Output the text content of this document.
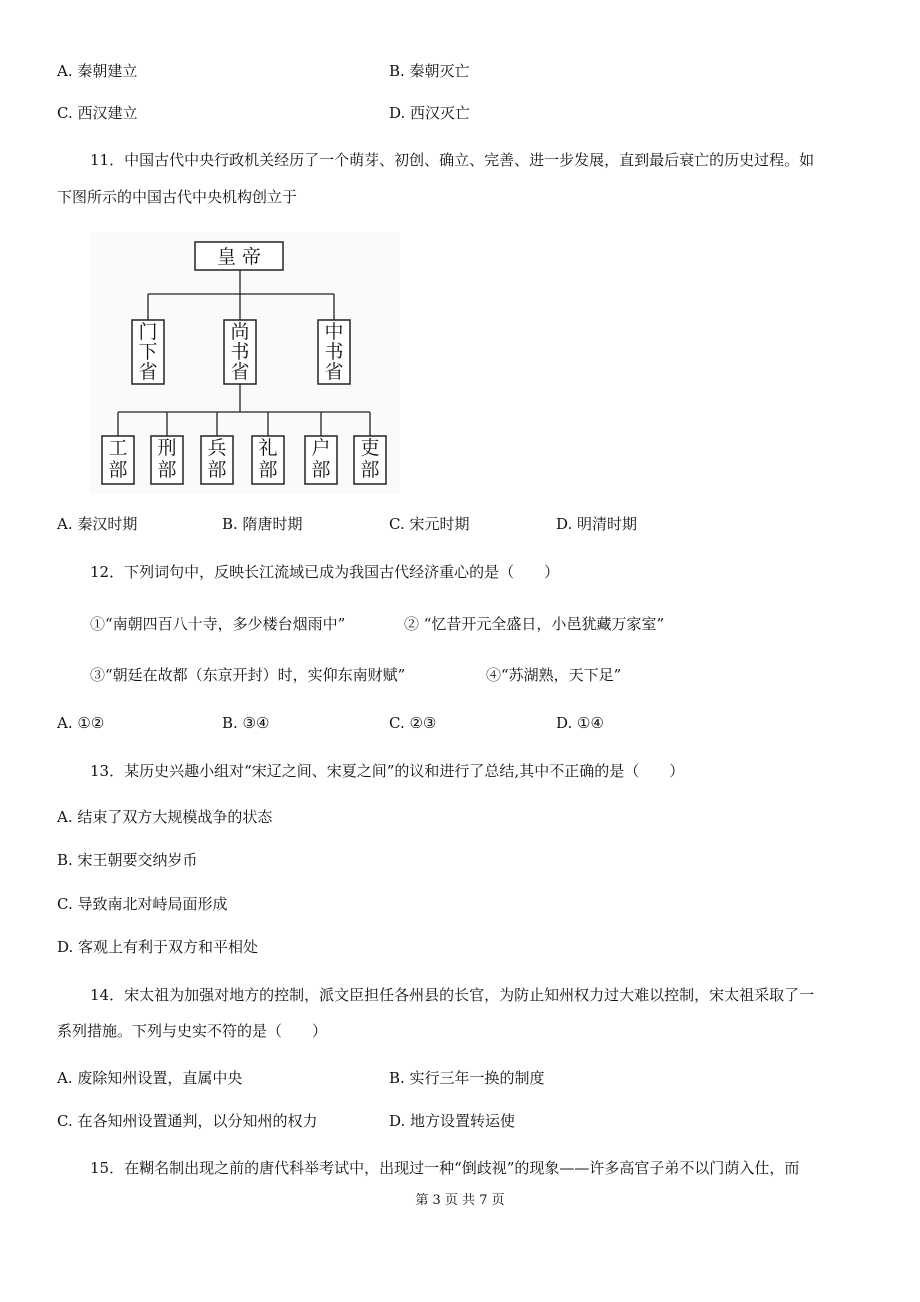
A. 秦朝建立	B. 秦朝灭亡
C. 西汉建立	D. 西汉灭亡
11．中国古代中央行政机关经历了一个萌芽、初创、确立、完善、进一步发展，直到最后衰亡的历史过程。如
下图所示的中国古代中央机构创立于
皇 帝
门
下
省
尚
书
省
中
书
省
工
部
刑
部
兵
部
礼
部
户
部
吏
部
A. 秦汉时期	B. 隋唐时期	C. 宋元时期	D. 明清时期
12．下列词句中，反映长江流域已成为我国古代经济重心的是（　　）
①“南朝四百八十寺，多少楼台烟雨中”	② “忆昔开元全盛日，小邑犹藏万家室”
③“朝廷在故都（东京开封）时，实仰东南财赋”	④“苏湖熟，天下足”
A. ①②	B. ③④	C. ②③	D. ①④
13．某历史兴趣小组对“宋辽之间、宋夏之间”的议和进行了总结,其中不正确的是（　　）
A. 结束了双方大规模战争的状态
B. 宋王朝要交纳岁币
C. 导致南北对峙局面形成
D. 客观上有利于双方和平相处
14．宋太祖为加强对地方的控制，派文臣担任各州县的长官，为防止知州权力过大难以控制，宋太祖采取了一
系列措施。下列与史实不符的是（　　）
A. 废除知州设置，直属中央	B. 实行三年一换的制度
C. 在各知州设置通判，以分知州的权力	D. 地方设置转运使
15．在糊名制出现之前的唐代科举考试中，出现过一种“倒歧视”的现象——许多高官子弟不以门荫入仕，而
第 3 页 共 7 页
